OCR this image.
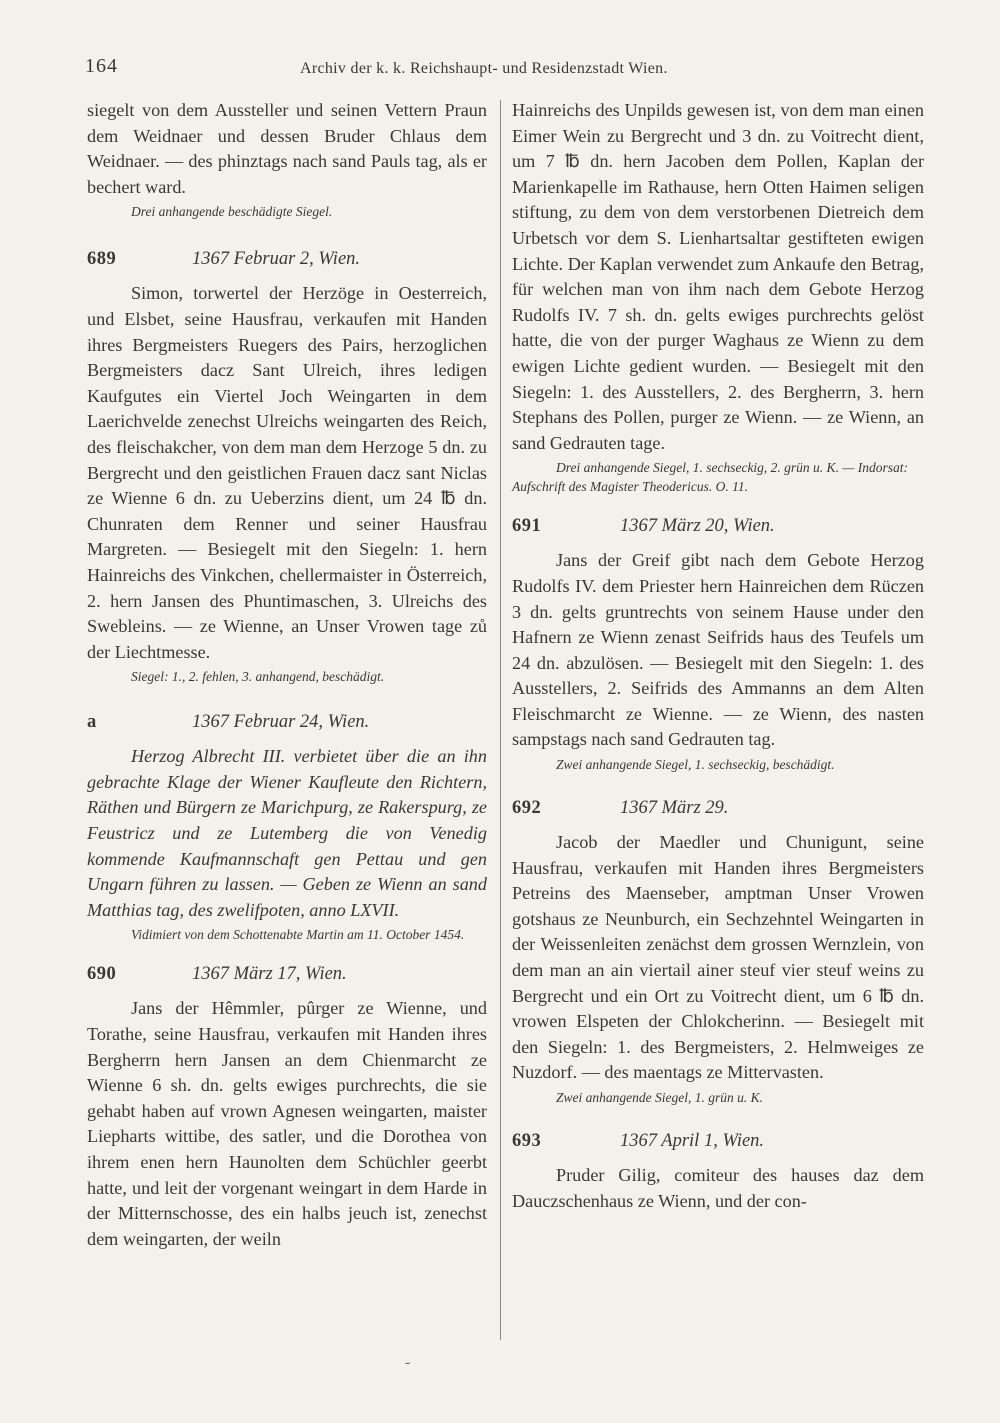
164	Archiv der k. k. Reichshaupt- und Residenzstadt Wien.

siegelt von dem Aussteller und seinen Vettern Praun dem Weidnaer und dessen Bruder Chlaus dem Weidnaer. — des phinztags nach sand Pauls tag, als er bechert ward.

Drei anhangende beschädigte Siegel.

689	1367 Februar 2, Wien.

Simon, torwertel der Herzöge in Oesterreich, und Elsbet, seine Hausfrau, verkaufen mit Handen ihres Bergmeisters Ruegers des Pairs, herzoglichen Bergmeisters dacz Sant Ulreich, ihres ledigen Kaufgutes ein Viertel Joch Weingarten in dem Laerichvelde zenechst Ulreichs weingarten des Reich, des fleischakcher, von dem man dem Herzoge 5 dn. zu Bergrecht und den geistlichen Frauen dacz sant Niclas ze Wienne 6 dn. zu Ueberzins dient, um 24 ℔ dn. Chunraten dem Renner und seiner Hausfrau Margreten. — Besiegelt mit den Siegeln: 1. hern Hainreichs des Vinkchen, chellermaister in Österreich, 2. hern Jansen des Phuntimaschen, 3. Ulreichs des Swebleins. — ze Wienne, an Unser Vrowen tage zů der Liechtmesse.

Siegel: 1., 2. fehlen, 3. anhangend, beschädigt.

a	1367 Februar 24, Wien.

Herzog Albrecht III. verbietet über die an ihn gebrachte Klage der Wiener Kaufleute den Richtern, Räthen und Bürgern ze Marichpurg, ze Rakerspurg, ze Feustricz und ze Lutemberg die von Venedig kommende Kaufmannschaft gen Pettau und gen Ungarn führen zu lassen. — Geben ze Wienn an sand Matthias tag, des zwelifpoten, anno LXVII.

Vidimiert von dem Schottenabte Martin am 11. October 1454.

690	1367 März 17, Wien.

Jans der Hêmmler, pûrger ze Wienne, und Torathe, seine Hausfrau, verkaufen mit Handen ihres Bergherrn hern Jansen an dem Chienmarcht ze Wienne 6 sh. dn. gelts ewiges purchrechts, die sie gehabt haben auf vrown Agnesen weingarten, maister Liepharts wittibe, des satler, und die Dorothea von ihrem enen hern Haunolten dem Schüchler geerbt hatte, und leit der vorgenant weingart in dem Harde in der Mitternschosse, des ein halbs jeuch ist, zenechst dem weingarten, der weiln

Hainreichs des Unpilds gewesen ist, von dem man einen Eimer Wein zu Bergrecht und 3 dn. zu Voitrecht dient, um 7 ℔ dn. hern Jacoben dem Pollen, Kaplan der Marienkapelle im Rathause, hern Otten Haimen seligen stiftung, zu dem von dem verstorbenen Dietreich dem Urbetsch vor dem S. Lienhartsaltar gestifteten ewigen Lichte. Der Kaplan verwendet zum Ankaufe den Betrag, für welchen man von ihm nach dem Gebote Herzog Rudolfs IV. 7 sh. dn. gelts ewiges purchrechts gelöst hatte, die von der purger Waghaus ze Wienn zu dem ewigen Lichte gedient wurden. — Besiegelt mit den Siegeln: 1. des Ausstellers, 2. des Bergherrn, 3. hern Stephans des Pollen, purger ze Wienn. — ze Wienn, an sand Gedrauten tage.

Drei anhangende Siegel, 1. sechseckig, 2. grün u. K. — Indorsat: Aufschrift des Magister Theodericus. O. 11.

691	1367 März 20, Wien.

Jans der Greif gibt nach dem Gebote Herzog Rudolfs IV. dem Priester hern Hainreichen dem Rüczen 3 dn. gelts gruntrechts von seinem Hause under den Hafnern ze Wienn zenast Seifrids haus des Teufels um 24 dn. abzulösen. — Besiegelt mit den Siegeln: 1. des Ausstellers, 2. Seifrids des Ammanns an dem Alten Fleischmarcht ze Wienne. — ze Wienn, des nasten sampstags nach sand Gedrauten tag.

Zwei anhangende Siegel, 1. sechseckig, beschädigt.

692	1367 März 29.

Jacob der Maedler und Chunigunt, seine Hausfrau, verkaufen mit Handen ihres Bergmeisters Petreins des Maenseber, amptman Unser Vrowen gotshaus ze Neunburch, ein Sechzehntel Weingarten in der Weissenleiten zenächst dem grossen Wernzlein, von dem man an ain viertail ainer steuf vier steuf weins zu Bergrecht und ein Ort zu Voitrecht dient, um 6 ℔ dn. vrowen Elspeten der Chlokcherinn. — Besiegelt mit den Siegeln: 1. des Bergmeisters, 2. Helmweiges ze Nuzdorf. — des maentags ze Mittervasten.

Zwei anhangende Siegel, 1. grün u. K.

693	1367 April 1, Wien.

Pruder Gilig, comiteur des hauses daz dem Dauczschenhaus ze Wienn, und der con-

-
